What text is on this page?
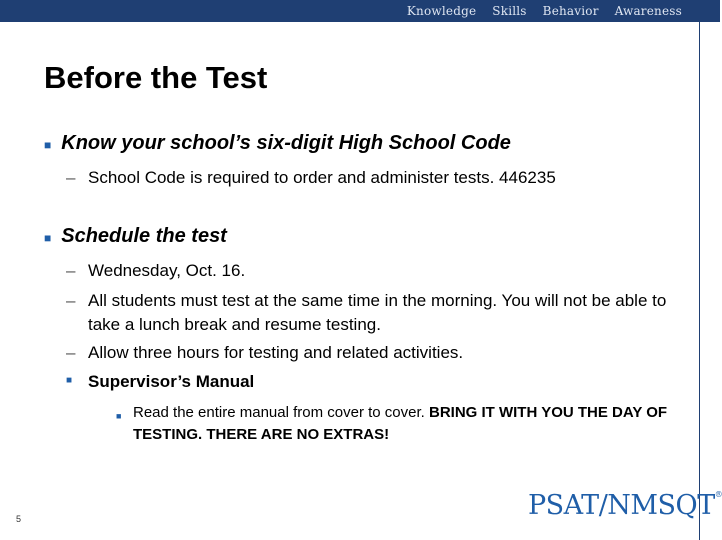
Knowledge Skills Behavior Awareness
Before the Test
■ Know your school’s six-digit High School Code
– School Code is required to order and administer tests. 446235
■ Schedule the test
– Wednesday, Oct. 16.
– All students must test at the same time in the morning. You will not be able to take a lunch break and resume testing.
– Allow three hours for testing and related activities.
■ Supervisor’s Manual
■ Read the entire manual from cover to cover. BRING IT WITH YOU THE DAY OF TESTING. THERE ARE NO EXTRAS!
5	PSAT/NMSQT®
